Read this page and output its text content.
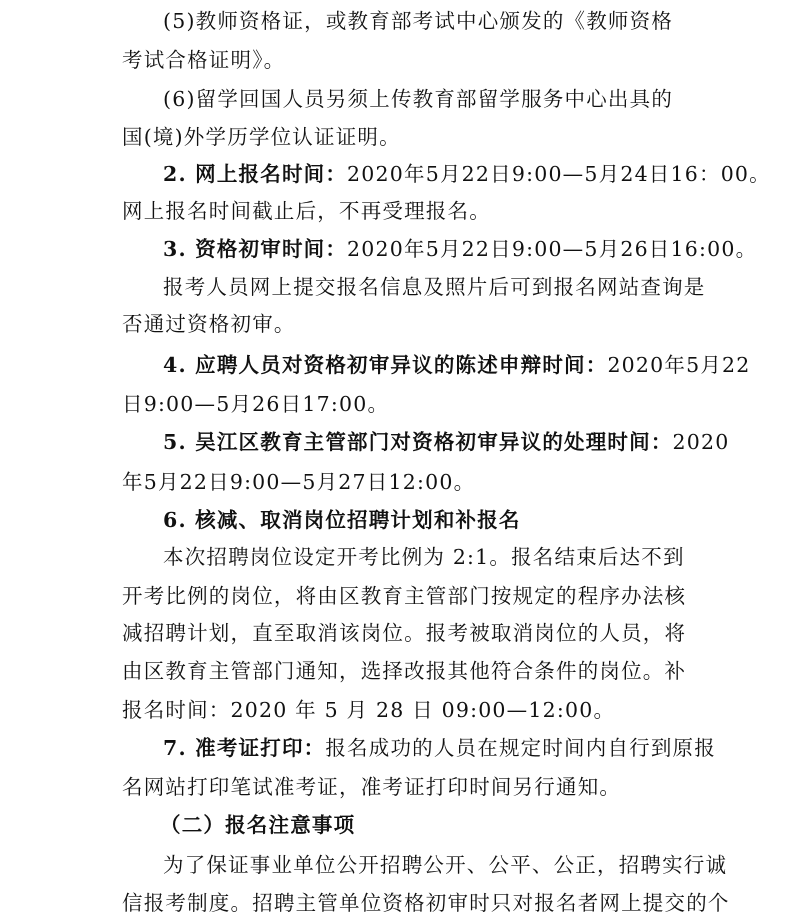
(5)教师资格证，或教育部考试中心颁发的《教师资格
考试合格证明》。
(6)留学回国人员另须上传教育部留学服务中心出具的
国(境)外学历学位认证证明。
2. 网上报名时间：2020年5月22日9:00—5月24日16：00。
网上报名时间截止后，不再受理报名。
3. 资格初审时间：2020年5月22日9:00—5月26日16:00。
报考人员网上提交报名信息及照片后可到报名网站查询是
否通过资格初审。
4. 应聘人员对资格初审异议的陈述申辩时间：2020年5月22
日9:00—5月26日17:00。
5. 吴江区教育主管部门对资格初审异议的处理时间：2020
年5月22日9:00—5月27日12:00。
6. 核减、取消岗位招聘计划和补报名
本次招聘岗位设定开考比例为 2:1。报名结束后达不到
开考比例的岗位，将由区教育主管部门按规定的程序办法核
减招聘计划，直至取消该岗位。报考被取消岗位的人员，将
由区教育主管部门通知，选择改报其他符合条件的岗位。补
报名时间：2020 年 5 月 28 日 09:00—12:00。
7. 准考证打印：报名成功的人员在规定时间内自行到原报
名网站打印笔试准考证，准考证打印时间另行通知。
（二）报名注意事项
为了保证事业单位公开招聘公开、公平、公正，招聘实行诚
信报考制度。招聘主管单位资格初审时只对报名者网上提交的个
